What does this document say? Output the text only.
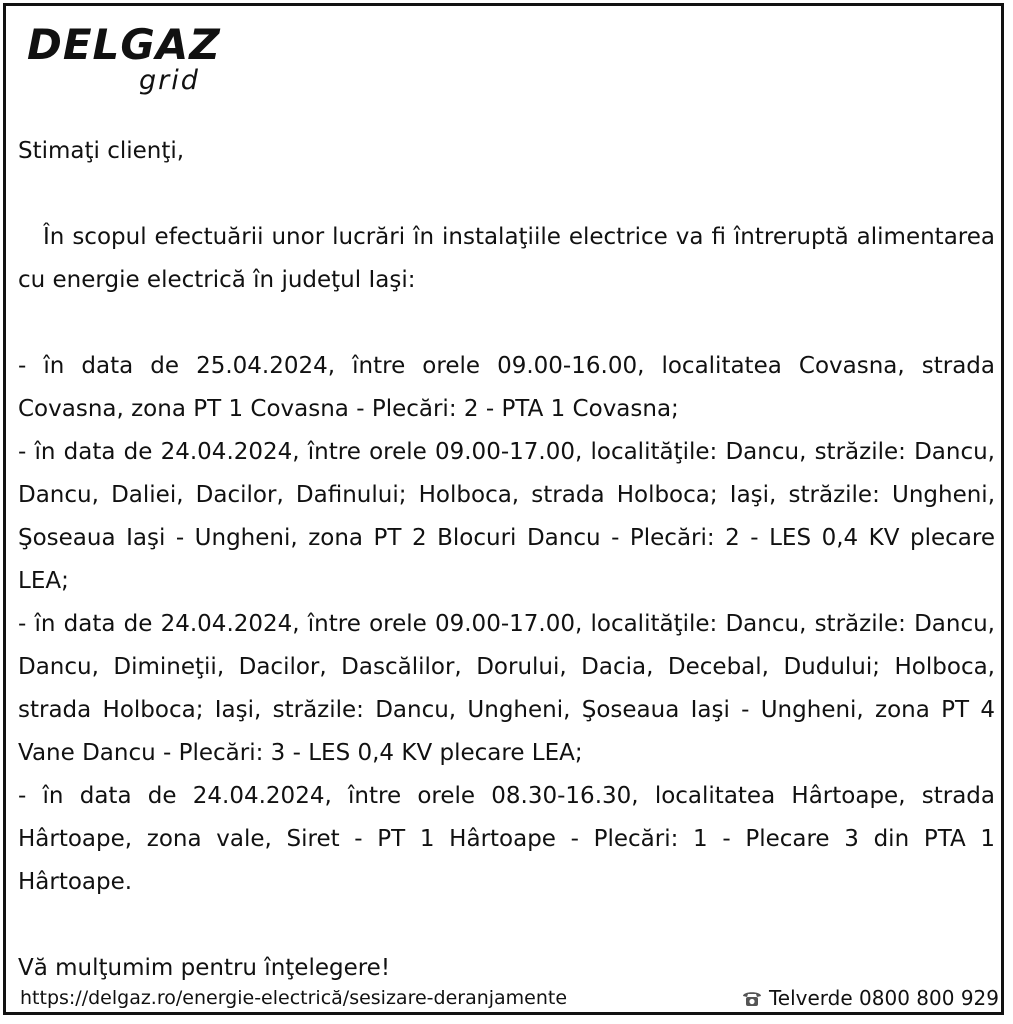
DELGAZ
grid

Stimaţi clienţi,

În scopul efectuării unor lucrări în instalaţiile electrice va fi întreruptă alimentarea cu energie electrică în judeţul Iaşi:

- în data de 25.04.2024, între orele 09.00-16.00, localitatea Covasna, strada Covasna, zona PT 1 Covasna - Plecări: 2 - PTA 1 Covasna;

- în data de 24.04.2024, între orele 09.00-17.00, localităţile: Dancu, străzile: Dancu, Dancu, Daliei, Dacilor, Dafinului; Holboca, strada Holboca; Iaşi, străzile: Ungheni, Şoseaua Iaşi - Ungheni, zona PT 2 Blocuri Dancu - Plecări: 2 - LES 0,4 KV plecare LEA;

- în data de 24.04.2024, între orele 09.00-17.00, localităţile: Dancu, străzile: Dancu, Dancu, Dimineţii, Dacilor, Dascălilor, Dorului, Dacia, Decebal, Dudului; Holboca, strada Holboca; Iaşi, străzile: Dancu, Ungheni, Şoseaua Iaşi - Ungheni, zona PT 4 Vane Dancu - Plecări: 3 - LES 0,4 KV plecare LEA;

- în data de 24.04.2024, între orele 08.30-16.30, localitatea Hârtoape, strada Hârtoape, zona vale, Siret - PT 1 Hârtoape - Plecări: 1 - Plecare 3 din PTA 1 Hârtoape.

Vă mulţumim pentru înţelegere!

https://delgaz.ro/energie-electrică/sesizare-deranjamente	Telverde 0800 800 929
